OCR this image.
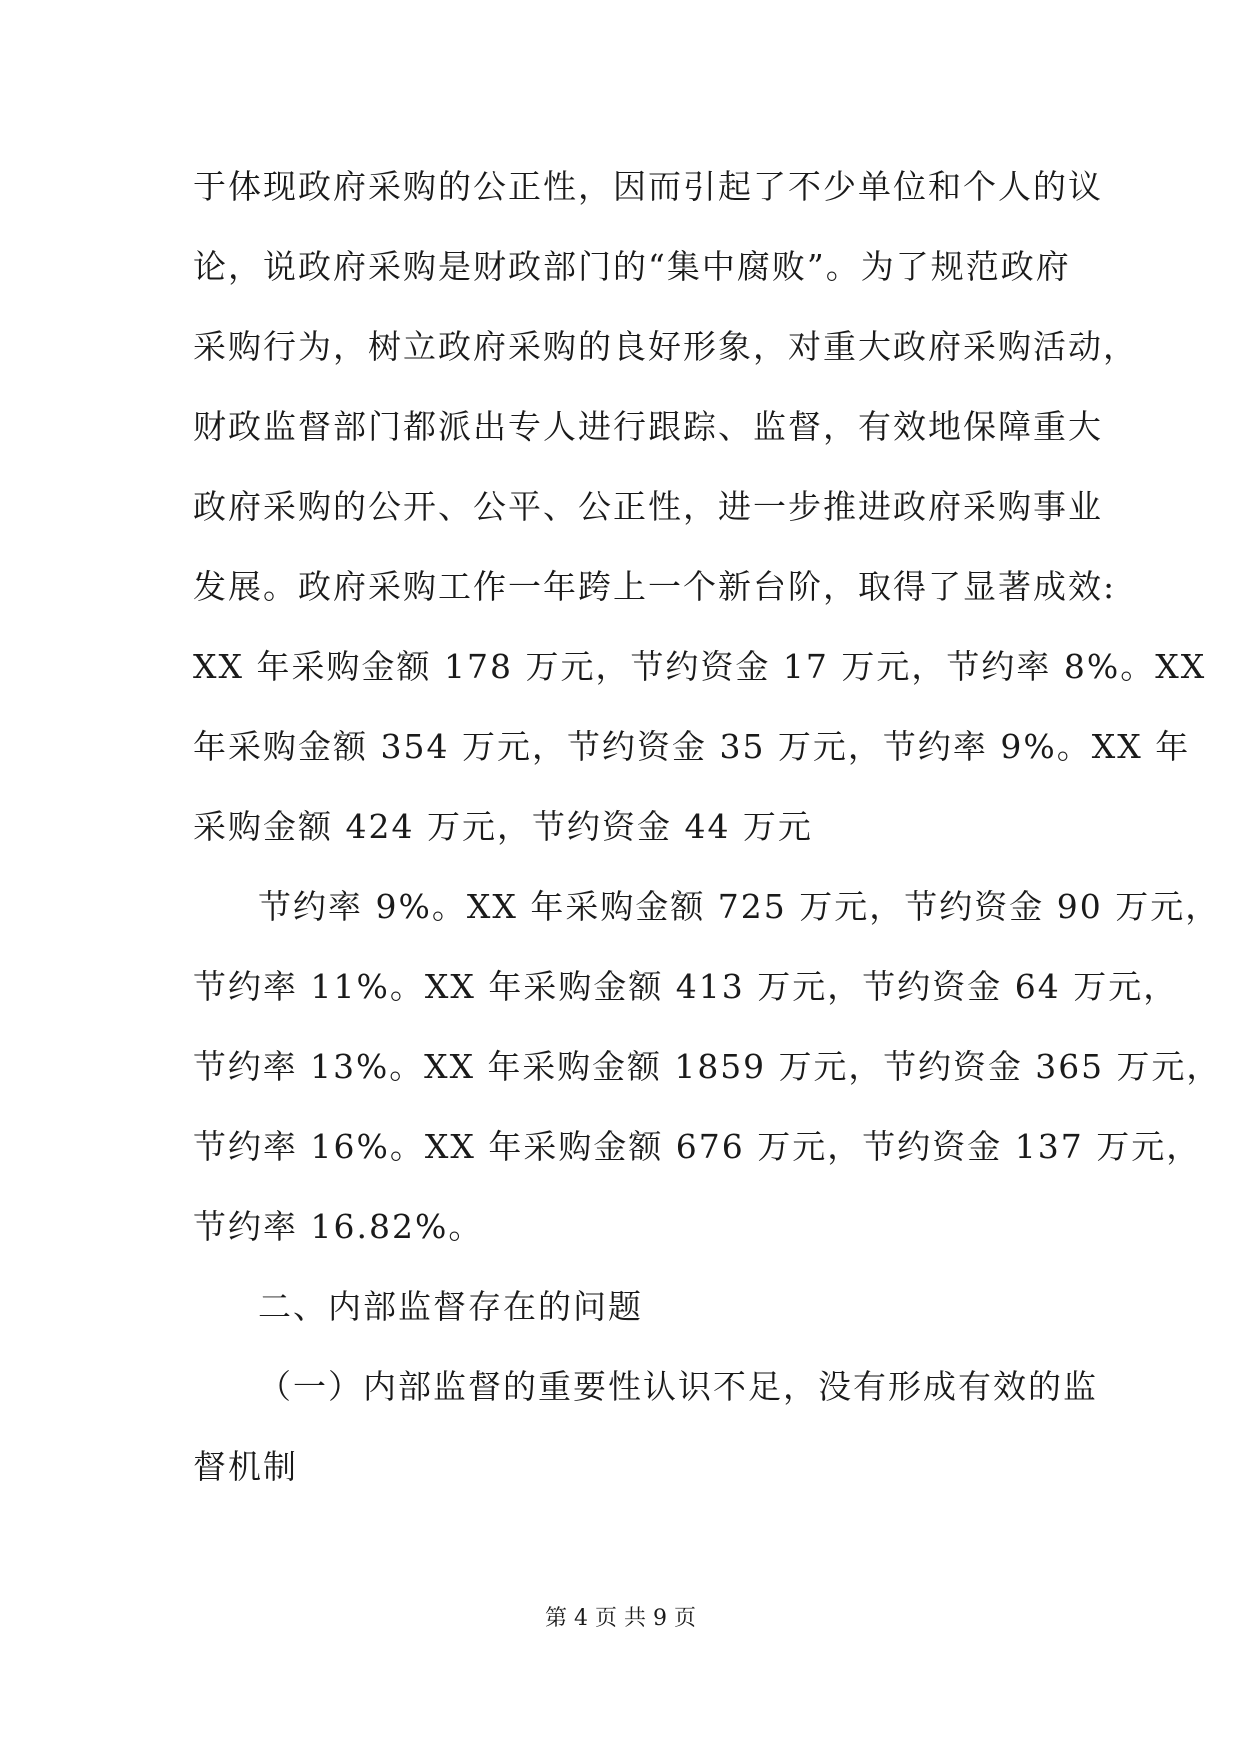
于体现政府采购的公正性，因而引起了不少单位和个人的议
论，说政府采购是财政部门的“集中腐败”。为了规范政府
采购行为，树立政府采购的良好形象，对重大政府采购活动，
财政监督部门都派出专人进行跟踪、监督，有效地保障重大
政府采购的公开、公平、公正性，进一步推进政府采购事业
发展。政府采购工作一年跨上一个新台阶，取得了显著成效:
XX 年采购金额 178 万元，节约资金 17 万元，节约率 8%。XX
年采购金额 354 万元，节约资金 35 万元，节约率 9%。XX 年
采购金额 424 万元，节约资金 44 万元
节约率 9%。XX 年采购金额 725 万元，节约资金 90 万元，
节约率 11%。XX 年采购金额 413 万元，节约资金 64 万元，
节约率 13%。XX 年采购金额 1859 万元，节约资金 365 万元，
节约率 16%。XX 年采购金额 676 万元，节约资金 137 万元，
节约率 16.82%。
二、内部监督存在的问题
（一）内部监督的重要性认识不足，没有形成有效的监
督机制
第 4 页 共 9 页
